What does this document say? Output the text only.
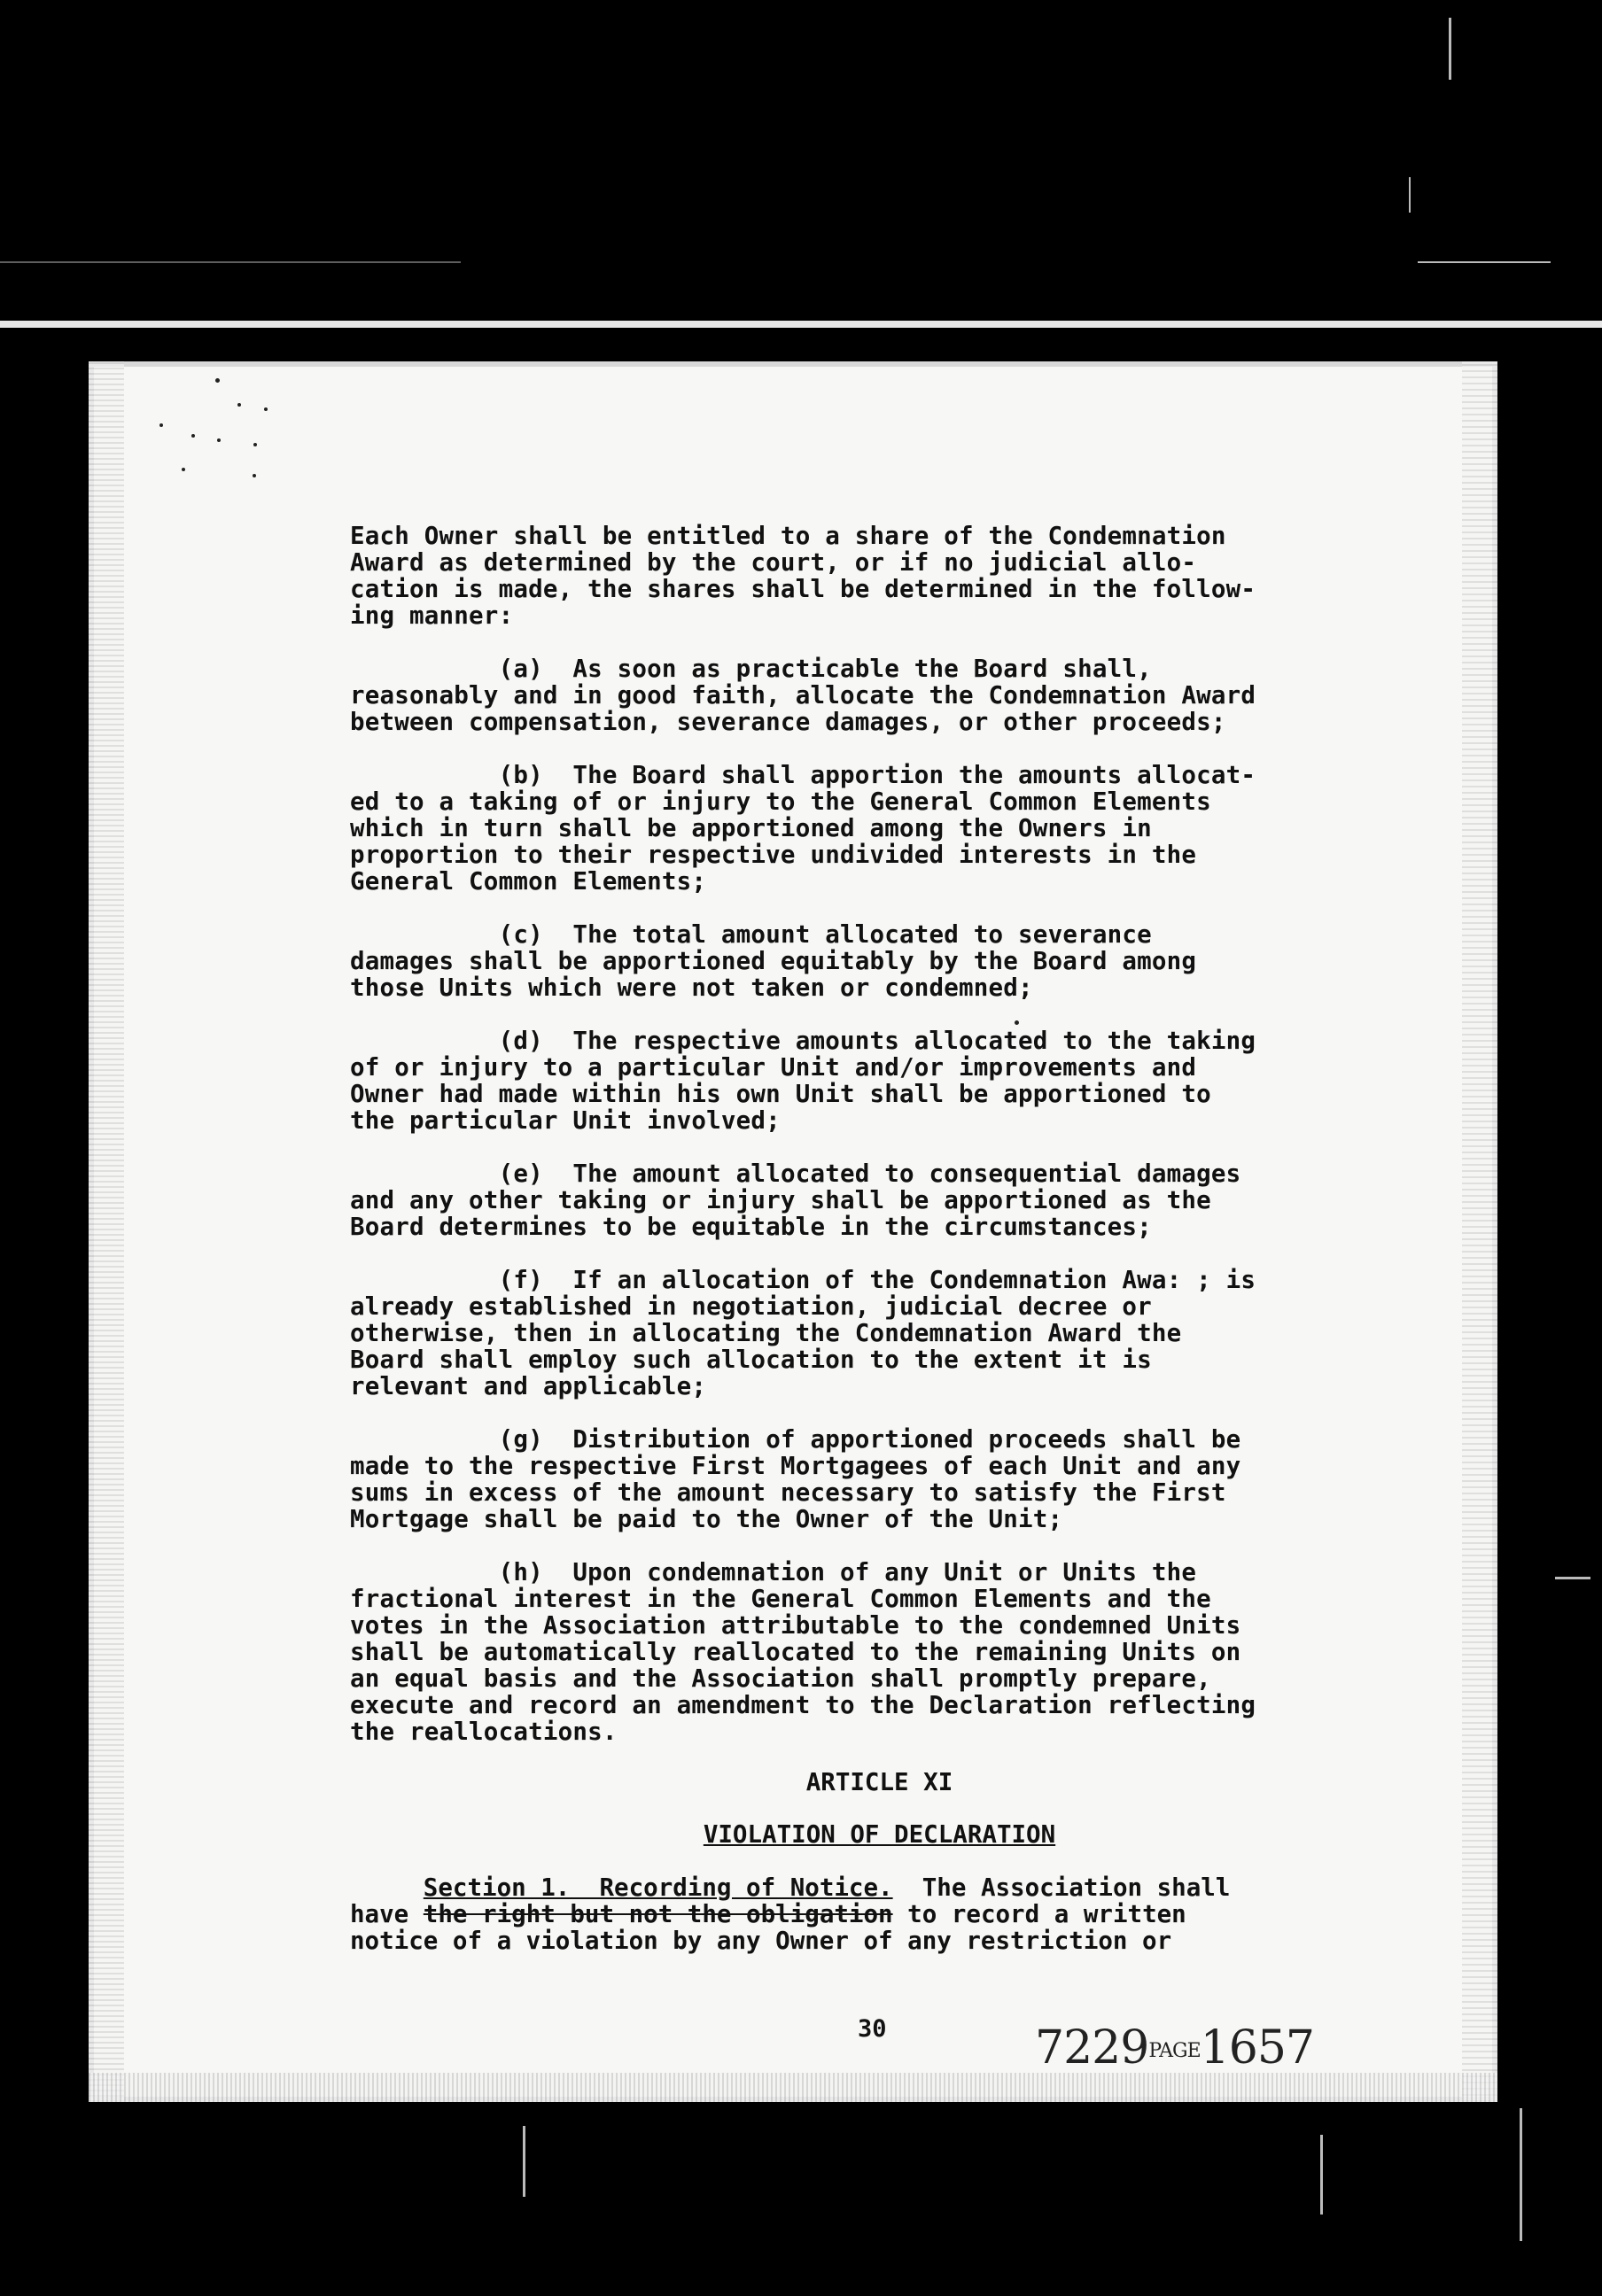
Each Owner shall be entitled to a share of the Condemnation
Award as determined by the court, or if no judicial allo-
cation is made, the shares shall be determined in the follow-
ing manner:

(a)  As soon as practicable the Board shall,
reasonably and in good faith, allocate the Condemnation Award
between compensation, severance damages, or other proceeds;

(b)  The Board shall apportion the amounts allocat-
ed to a taking of or injury to the General Common Elements
which in turn shall be apportioned among the Owners in
proportion to their respective undivided interests in the
General Common Elements;

(c)  The total amount allocated to severance
damages shall be apportioned equitably by the Board among
those Units which were not taken or condemned;

(d)  The respective amounts allocated to the taking
of or injury to a particular Unit and/or improvements and
Owner had made within his own Unit shall be apportioned to
the particular Unit involved;

(e)  The amount allocated to consequential damages
and any other taking or injury shall be apportioned as the
Board determines to be equitable in the circumstances;

(f)  If an allocation of the Condemnation Awa: ; is
already established in negotiation, judicial decree or
otherwise, then in allocating the Condemnation Award the
Board shall employ such allocation to the extent it is
relevant and applicable;

(g)  Distribution of apportioned proceeds shall be
made to the respective First Mortgagees of each Unit and any
sums in excess of the amount necessary to satisfy the First
Mortgage shall be paid to the Owner of the Unit;

(h)  Upon condemnation of any Unit or Units the
fractional interest in the General Common Elements and the
votes in the Association attributable to the condemned Units
shall be automatically reallocated to the remaining Units on
an equal basis and the Association shall promptly prepare,
execute and record an amendment to the Declaration reflecting
the reallocations.

ARTICLE XI
VIOLATION OF DECLARATION
Section 1.  Recording of Notice.  The Association shall
have the right but not the obligation to record a written
notice of a violation by any Owner of any restriction or
30	7229PAGE1657
